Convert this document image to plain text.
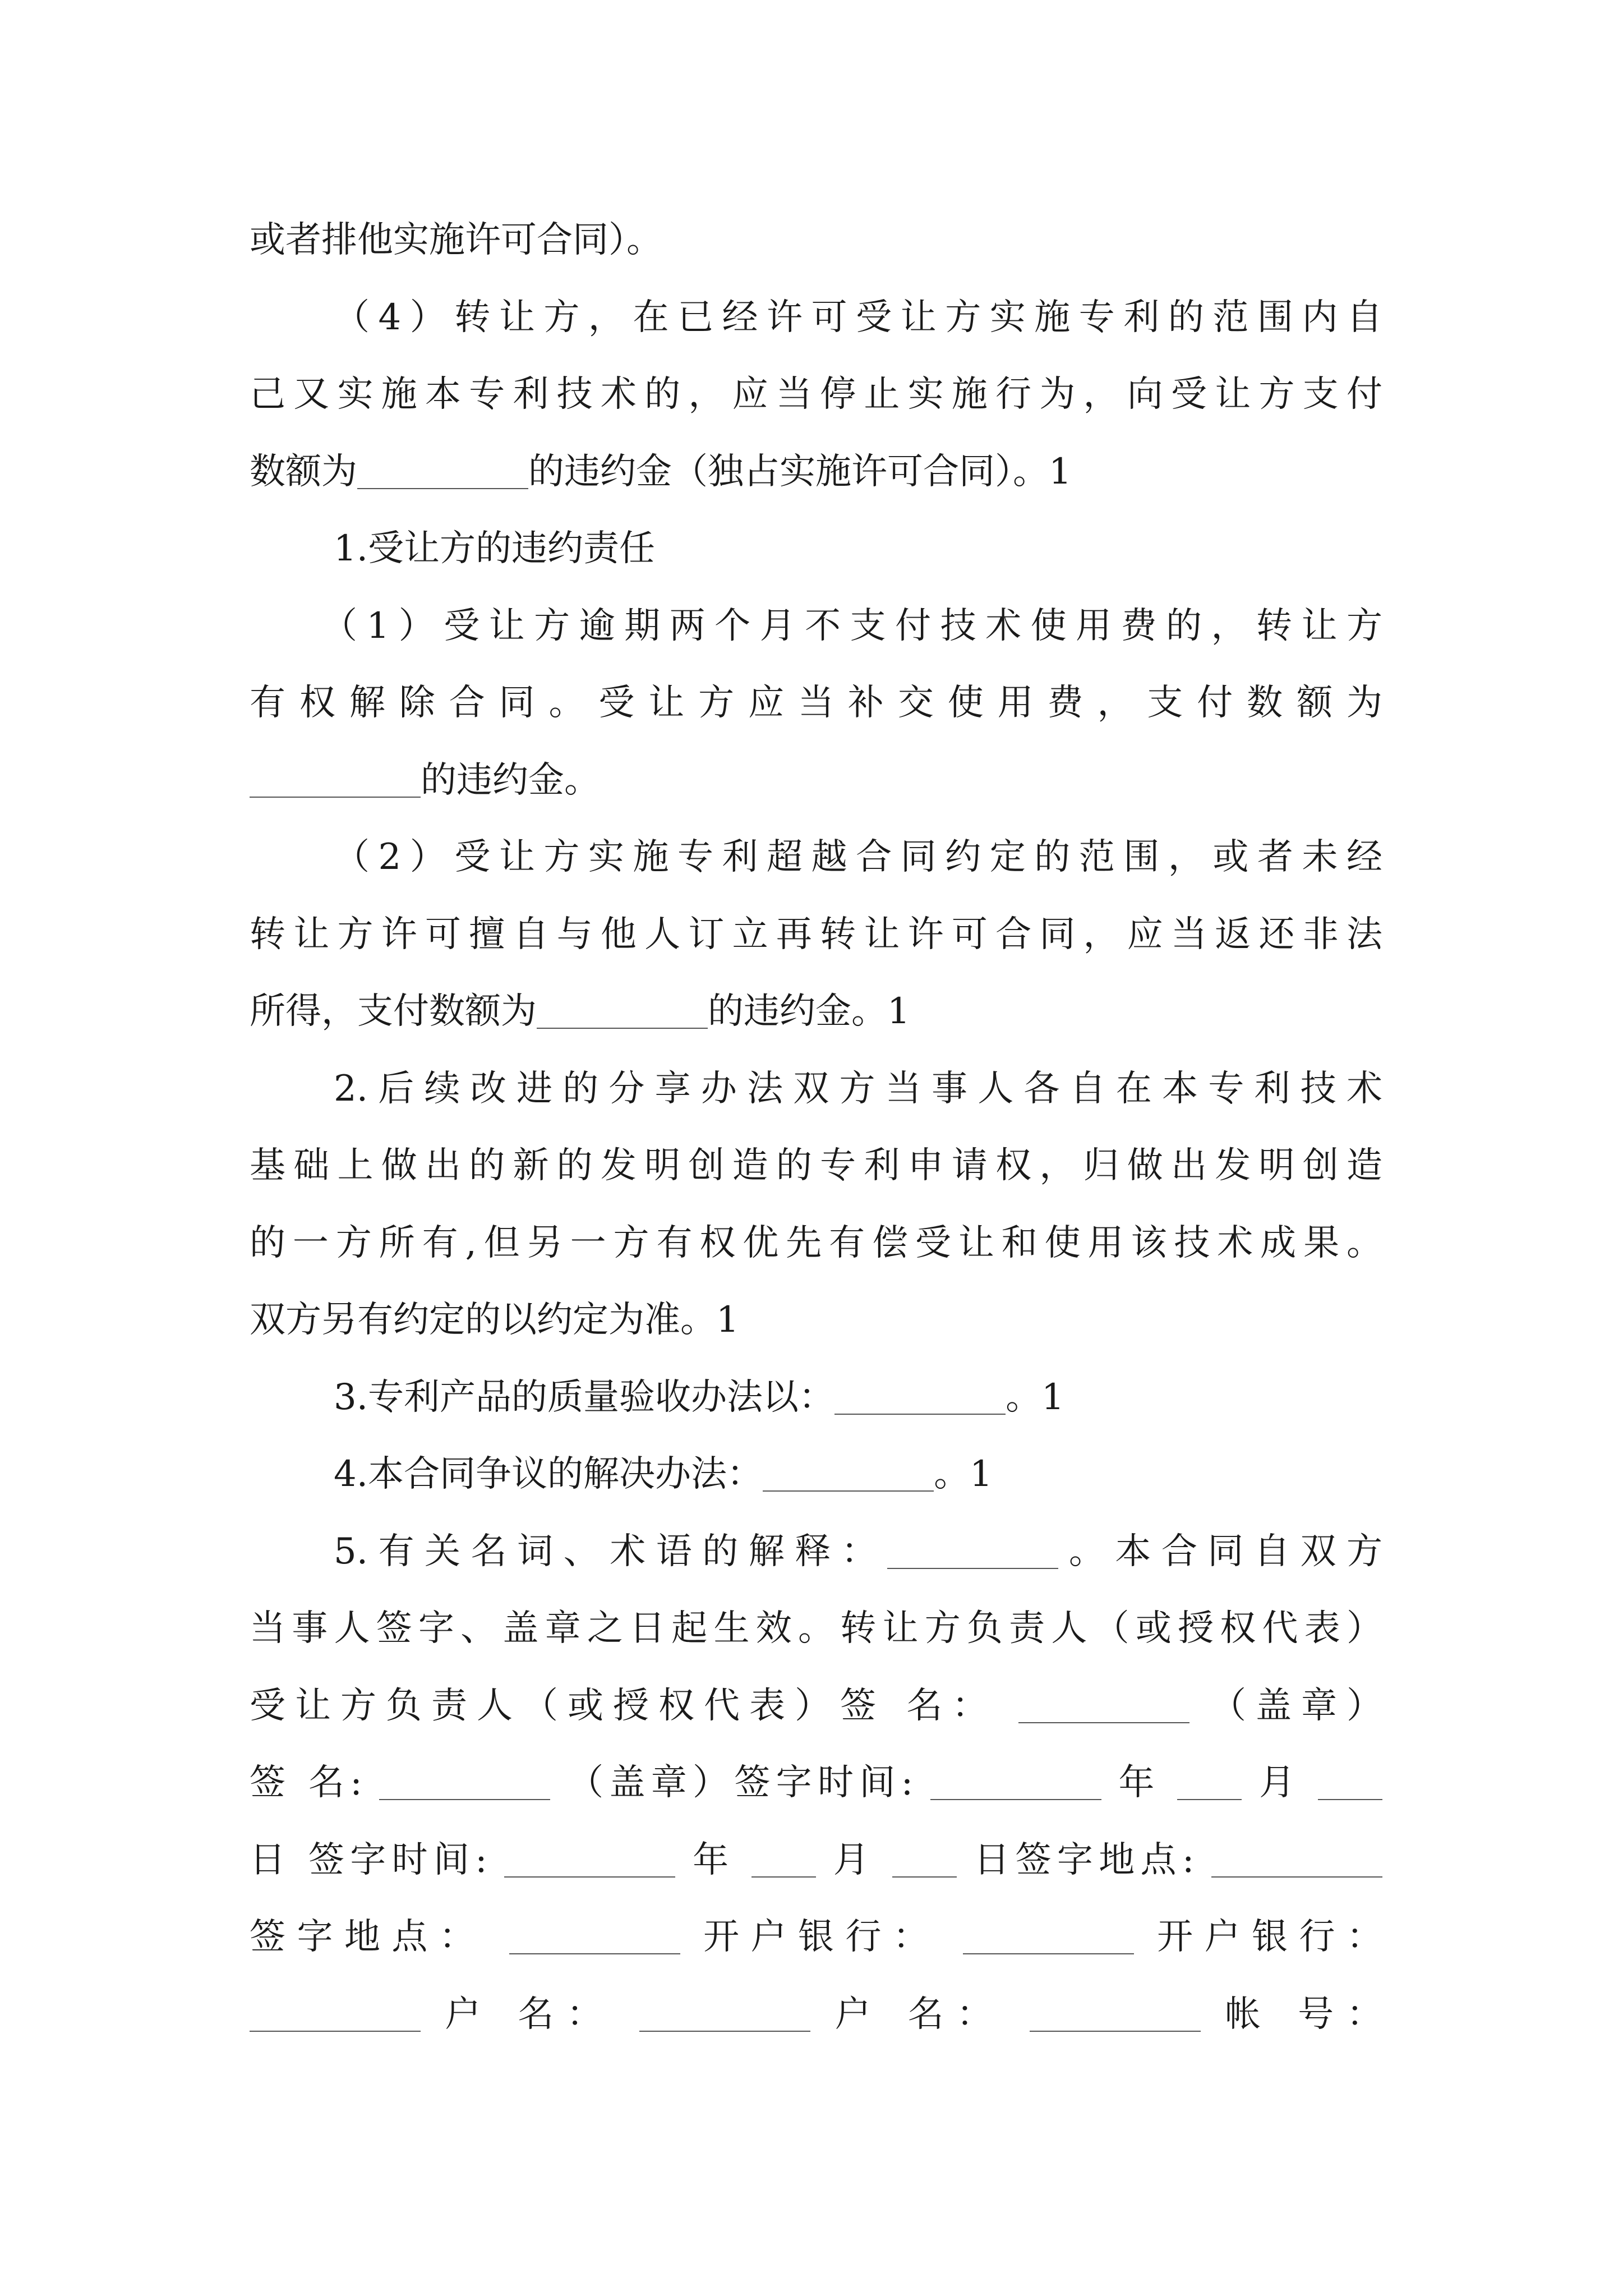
或者排他实施许可合同）。
（4）转让方，在已经许可受让方实施专利的范围内自
己又实施本专利技术的，应当停止实施行为，向受让方支付
数额为	的违约金（独占实施许可合同）。1
1.受让方的违约责任
（1）受让方逾期两个月不支付技术使用费的，转让方
有权解除合同。受让方应当补交使用费，支付数额为
的违约金。
（2）受让方实施专利超越合同约定的范围，或者未经
转让方许可擅自与他人订立再转让许可合同，应当返还非法
所得，支付数额为	的违约金。1
2.后续改进的分享办法双方当事人各自在本专利技术
基础上做出的新的发明创造的专利申请权，归做出发明创造
的一方所有,但另一方有权优先有偿受让和使用该技术成果。
双方另有约定的以约定为准。1
3.专利产品的质量验收办法以：	。1
4.本合同争议的解决办法：	。1
5.有关名词、术语的解释：	。本合同自双方
当事人签字、盖章之日起生效。转让方负责人（或授权代表）
受让方负责人（或授权代表）签 名：	（盖章）
签 名:	（盖章）签字时间:	年	月
日 签字时间:	年	月	日签字地点:
签字地点：	开户银行：	开户银行：
户 名：	户 名：	帐 号：
